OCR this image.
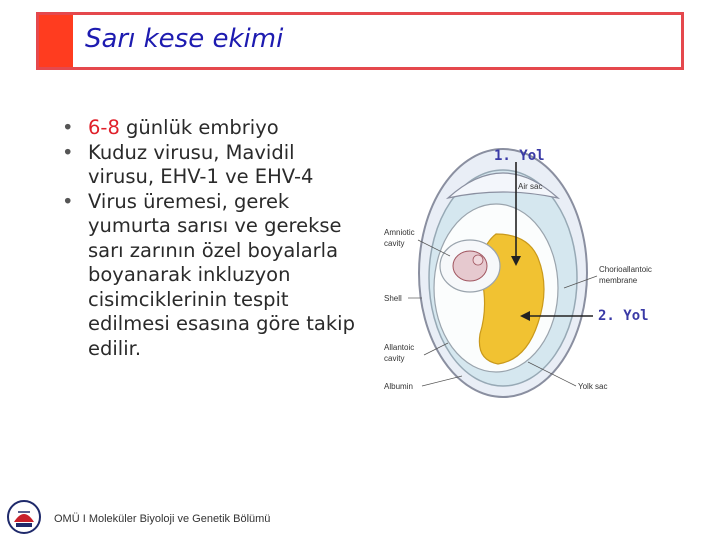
Sarı kese ekimi
• 6-8 günlük embriyo
• Kuduz virusu, Mavidil virusu, EHV-1 ve EHV-4
• Virus üremesi, gerek yumurta sarısı ve gerekse sarı zarının özel boyalarla boyanarak inkluzyon cisimciklerinin tespit edilmesi esasına göre takip edilir.
1. Yol
2. Yol
Air sac
Amniotic
cavity
Shell
Allantoic
cavity
Albumin
Chorioallantoic
membrane
Yolk sac
OMÜ I Moleküler Biyoloji ve Genetik Bölümü
